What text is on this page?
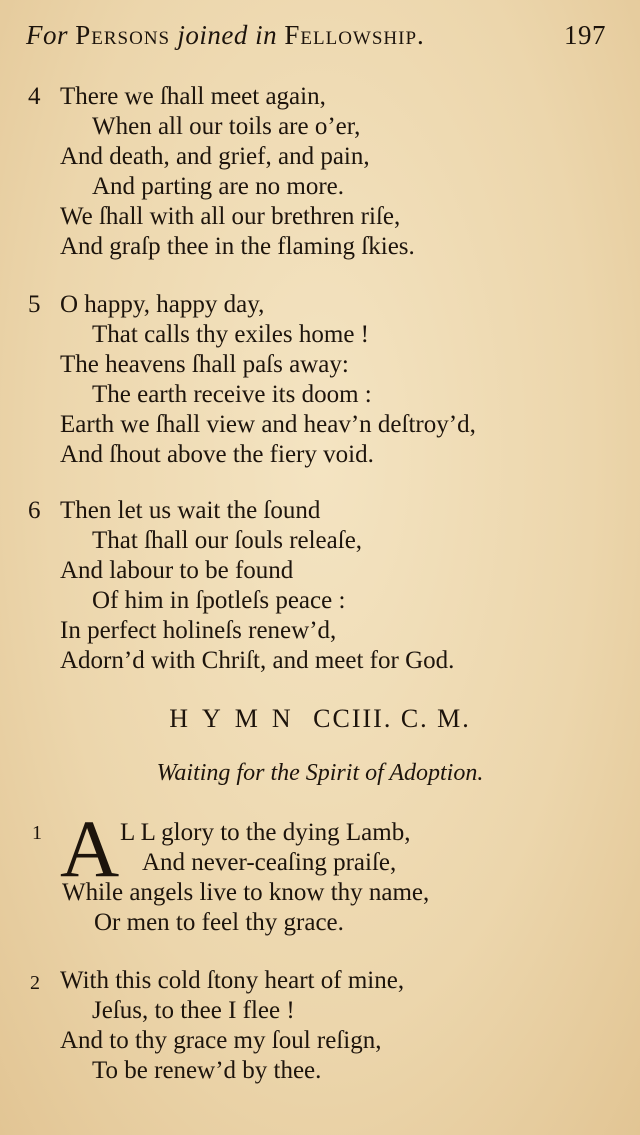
For Persons joined in Fellowship.	197
4 There we ſhall meet again,
When all our toils are o’er,
And death, and grief, and pain,
And parting are no more.
We ſhall with all our brethren riſe,
And graſp thee in the flaming ſkies.
5 O happy, happy day,
That calls thy exiles home !
The heavens ſhall paſs away:
The earth receive its doom :
Earth we ſhall view and heav’n deſtroy’d,
And ſhout above the fiery void.
6 Then let us wait the ſound
That ſhall our ſouls releaſe,
And labour to be found
Of him in ſpotleſs peace :
In perfect holineſs renew’d,
Adorn’d with Chriſt, and meet for God.
HYMN CCIII. C. M.
Waiting for the Spirit of Adoption.
1 A L L glory to the dying Lamb,
And never-ceaſing praiſe,
While angels live to know thy name,
Or men to feel thy grace.
2 With this cold ſtony heart of mine,
Jeſus, to thee I flee !
And to thy grace my ſoul reſign,
To be renew’d by thee.
